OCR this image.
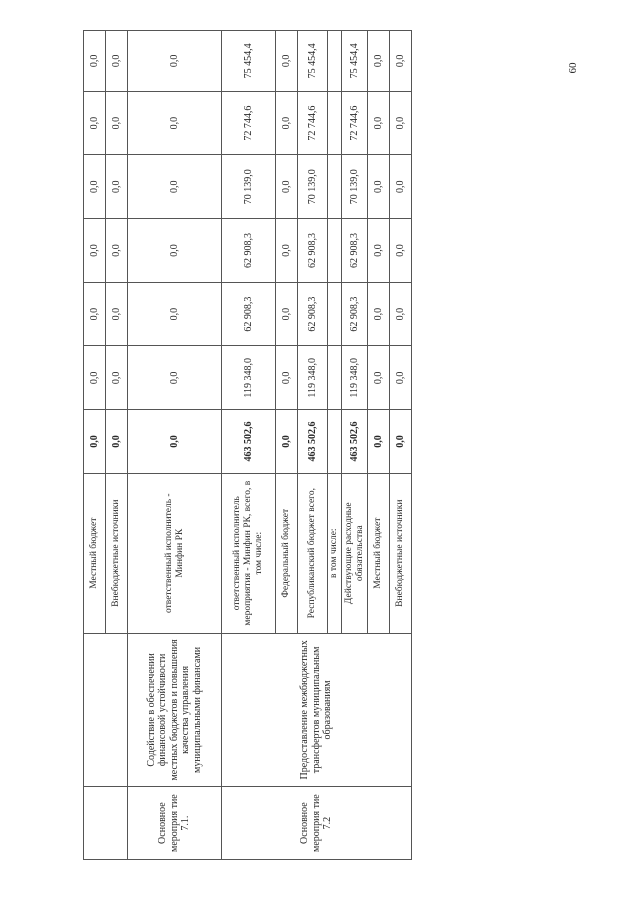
60
		Местный бюджет	0,0	0,0	0,0	0,0	0,0	0,0	0,0
		Внебюджетные источники	0,0	0,0	0,0	0,0	0,0	0,0	0,0
Основное мероприя тие 7.1.	Содействие в обеспечении финансовой устойчивости местных бюджетов и повышения качества управления муниципальными финансами	ответственный исполнитель - Минфин РК	0,0	0,0	0,0	0,0	0,0	0,0	0,0
Основное мероприя тие 7.2	Предоставление межбюджетных трансфертов муниципальным образованиям	ответственный исполнитель мероприятия - Минфин РК, всего, в том числе:	463 502,6	119 348,0	62 908,3	62 908,3	70 139,0	72 744,6	75 454,4
		Федеральный бюджет	0,0	0,0	0,0	0,0	0,0	0,0	0,0
		Республиканский бюджет всего,	463 502,6	119 348,0	62 908,3	62 908,3	70 139,0	72 744,6	75 454,4
		в том числе:							
		Действующие расходные обязательства	463 502,6	119 348,0	62 908,3	62 908,3	70 139,0	72 744,6	75 454,4
		Местный бюджет	0,0	0,0	0,0	0,0	0,0	0,0	0,0
		Внебюджетные источники	0,0	0,0	0,0	0,0	0,0	0,0	0,0
